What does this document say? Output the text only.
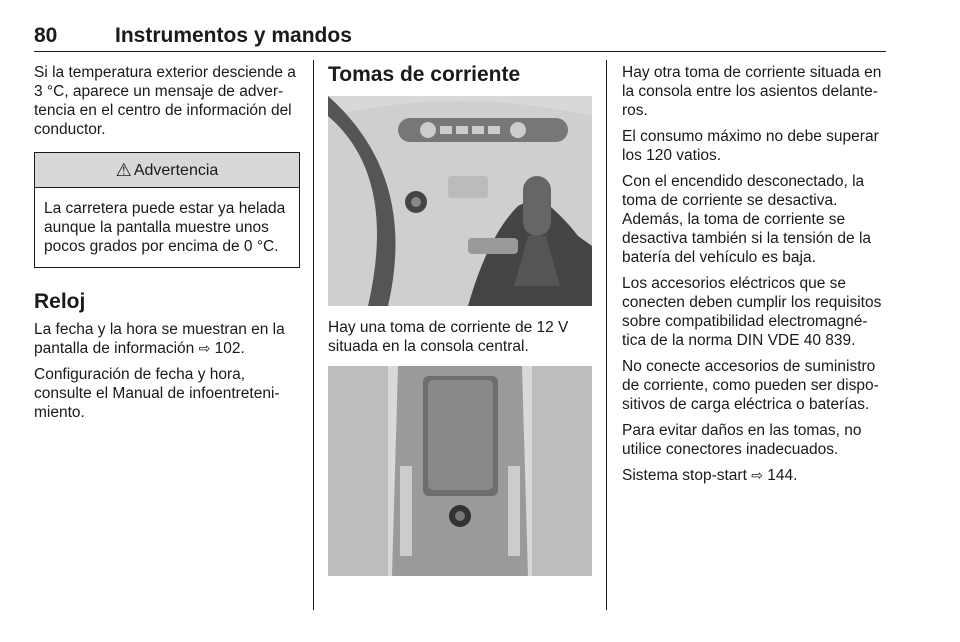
80	Instrumentos y mandos

Si la temperatura exterior desciende a 3 °C, aparece un mensaje de adver-tencia en el centro de información del conductor.

⚠ Advertencia
La carretera puede estar ya helada aunque la pantalla muestre unos pocos grados por encima de 0 °C.
Reloj

La fecha y la hora se muestran en la pantalla de información ⇨ 102.

Configuración de fecha y hora, consulte el Manual de infoentreteni-miento.

Tomas de corriente

Hay una toma de corriente de 12 V situada en la consola central.

Hay otra toma de corriente situada en la consola entre los asientos delante-ros.

El consumo máximo no debe superar los 120 vatios.

Con el encendido desconectado, la toma de corriente se desactiva. Además, la toma de corriente se desactiva también si la tensión de la batería del vehículo es baja.

Los accesorios eléctricos que se conecten deben cumplir los requisitos sobre compatibilidad electromagné-tica de la norma DIN VDE 40 839.

No conecte accesorios de suministro de corriente, como pueden ser dispo-sitivos de carga eléctrica o baterías.

Para evitar daños en las tomas, no utilice conectores inadecuados.

Sistema stop-start ⇨ 144.
